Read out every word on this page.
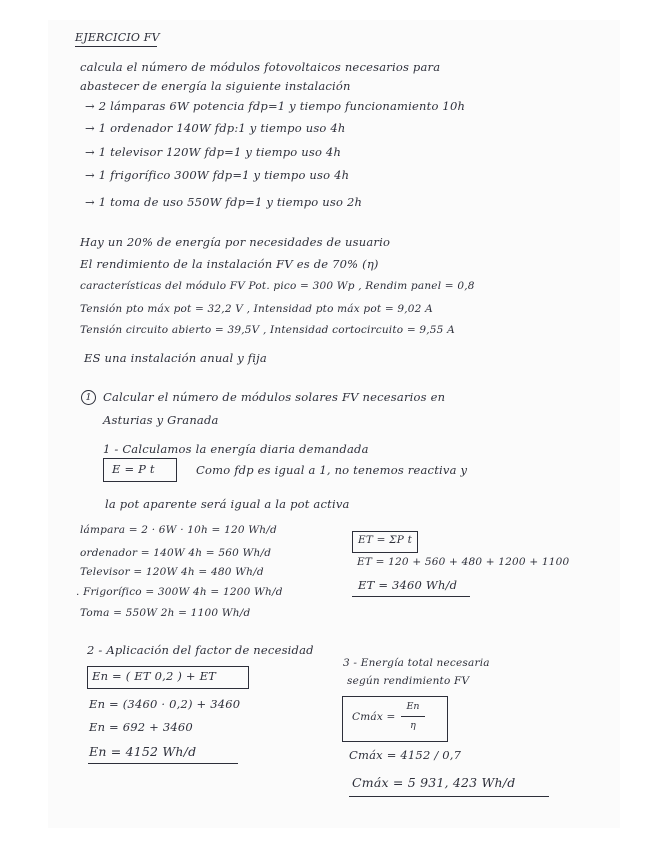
EJERCICIO FV
calcula el número de módulos fotovoltaicos necesarios para
abastecer de energía la siguiente instalación
→ 2 lámparas 6W potencia fdp=1 y tiempo funcionamiento 10h
→ 1 ordenador 140W fdp:1 y tiempo uso 4h
→ 1 televisor 120W fdp=1 y tiempo uso 4h
→ 1 frigorífico 300W fdp=1 y tiempo uso 4h
→ 1 toma de uso 550W fdp=1 y tiempo uso 2h
Hay un 20% de energía por necesidades de usuario
El rendimiento de la instalación FV es de 70% (η)
características del módulo FV Pot. pico = 300 Wp , Rendim panel = 0,8
Tensión pto máx pot = 32,2 V , Intensidad pto máx pot = 9,02 A
Tensión circuito abierto = 39,5V , Intensidad cortocircuito = 9,55 A
ES una instalación anual y fija
1 Calcular el número de módulos solares FV necesarios en
Asturias y Granada
1 - Calculamos la energía diaria demandada
E = P t	Como fdp es igual a 1, no tenemos reactiva y
la pot aparente será igual a la pot activa
lámpara = 2 · 6W · 10h = 120 Wh/d
ordenador = 140W 4h = 560 Wh/d
Televisor = 120W 4h = 480 Wh/d
. Frigorífico = 300W 4h = 1200 Wh/d
Toma = 550W 2h = 1100 Wh/d
ET = ΣP t
ET = 120 + 560 + 480 + 1200 + 1100
ET = 3460 Wh/d
2 - Aplicación del factor de necesidad
En = ( ET 0,2 ) + ET
En = (3460 · 0,2) + 3460
En = 692 + 3460
En = 4152 Wh/d
3 - Energía total necesaria
según rendimiento FV
Cmáx =
En
η
Cmáx = 4152 / 0,7
Cmáx = 5 931, 423 Wh/d
